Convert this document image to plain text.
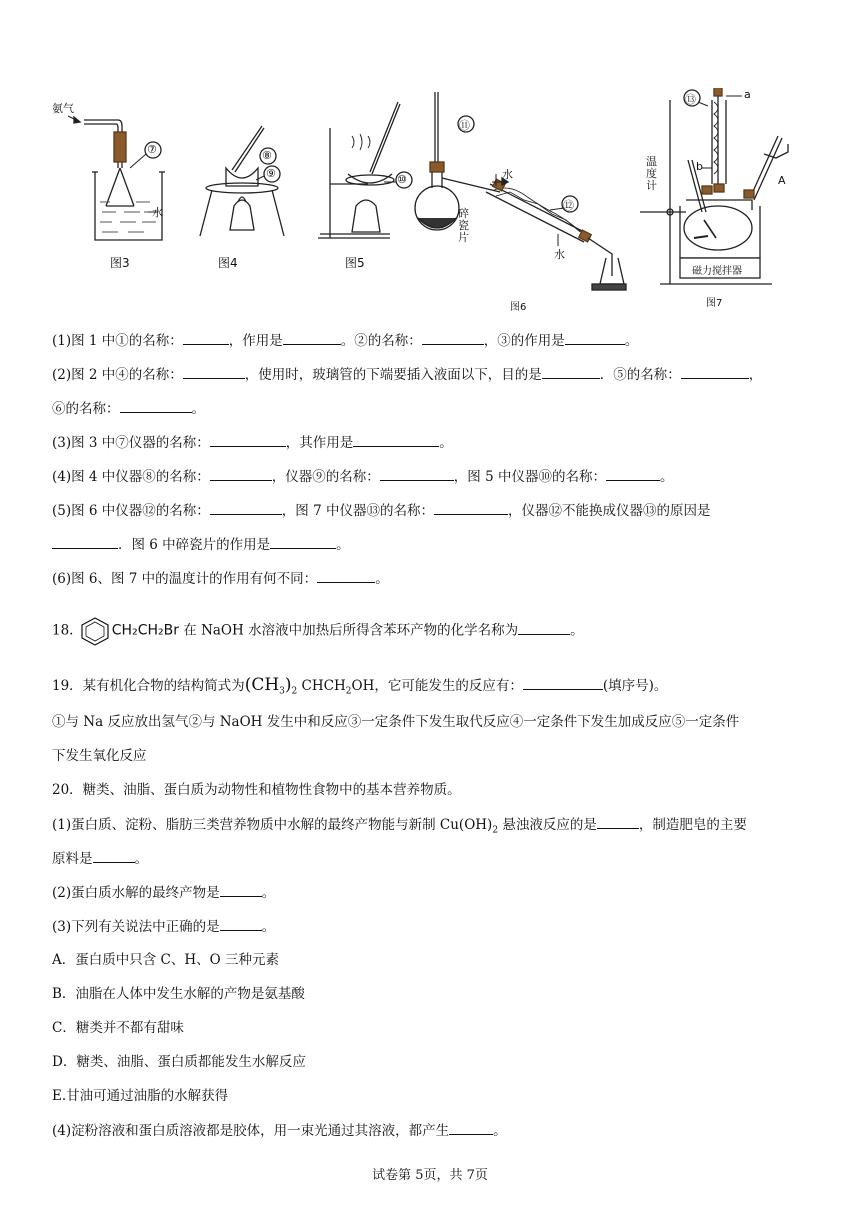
氨气
⑦
水
⑧
⑨	⑩
⑪
水
⑫
碎瓷片
水
⑬	a
b
温度计	A
磁力搅拌器
图3	图4	图5
图6	图7
(1)图 1 中①的名称：	，作用是	。②的名称：	，③的作用是	。
(2)图 2 中④的名称：	，使用时，玻璃管的下端要插入液面以下，目的是	．⑤的名称：	，
⑥的名称：	。
(3)图 3 中⑦仪器的名称：	，其作用是	。
(4)图 4 中仪器⑧的名称：	，仪器⑨的名称：	，图 5 中仪器⑩的名称：	。
(5)图 6 中仪器⑫的名称：	，图 7 中仪器⑬的名称：	，仪器⑫不能换成仪器⑬的原因是
．图 6 中碎瓷片的作用是	。
(6)图 6、图 7 中的温度计的作用有何不同：	。
18.	CH₂CH₂Br 在 NaOH 水溶液中加热后所得含苯环产物的化学名称为	。
19．某有机化合物的结构简式为$(CH_3)_2$ $CHCH_2OH$，它可能发生的反应有：	(填序号)。
①与 Na 反应放出氢气②与 NaOH 发生中和反应③一定条件下发生取代反应④一定条件下发生加成反应⑤一定条件
下发生氧化反应
20．糖类、油脂、蛋白质为动物性和植物性食物中的基本营养物质。
(1)蛋白质、淀粉、脂肪三类营养物质中水解的最终产物能与新制 $Cu(OH)_2$ 悬浊液反应的是	，制造肥皂的主要
原料是	。
(2)蛋白质水解的最终产物是	。
(3)下列有关说法中正确的是	。
A．蛋白质中只含 C、H、O 三种元素
B．油脂在人体中发生水解的产物是氨基酸
C．糖类并不都有甜味
D．糖类、油脂、蛋白质都能发生水解反应
E.甘油可通过油脂的水解获得
(4)淀粉溶液和蛋白质溶液都是胶体，用一束光通过其溶液，都产生	。
试卷第 5页，共 7页
